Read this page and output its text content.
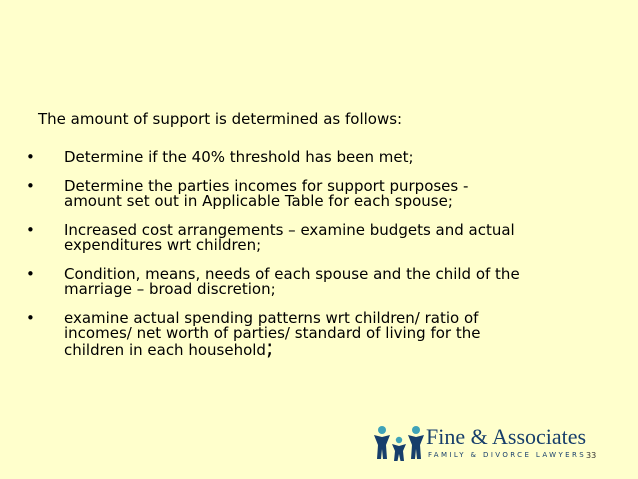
The amount of support is determined as follows:
• Determine if the 40% threshold has been met;
• Determine the parties incomes for support purposes -
amount set out in Applicable Table for each spouse;
• Increased cost arrangements – examine budgets and actual
expenditures wrt children;
• Condition, means, needs of each spouse and the child of the
marriage – broad discretion;
• examine actual spending patterns wrt children/ ratio of
incomes/ net worth of parties/ standard of living for the
children in each household;
Fine & Associates
FAMILY & DIVORCE LAWYERS 33
